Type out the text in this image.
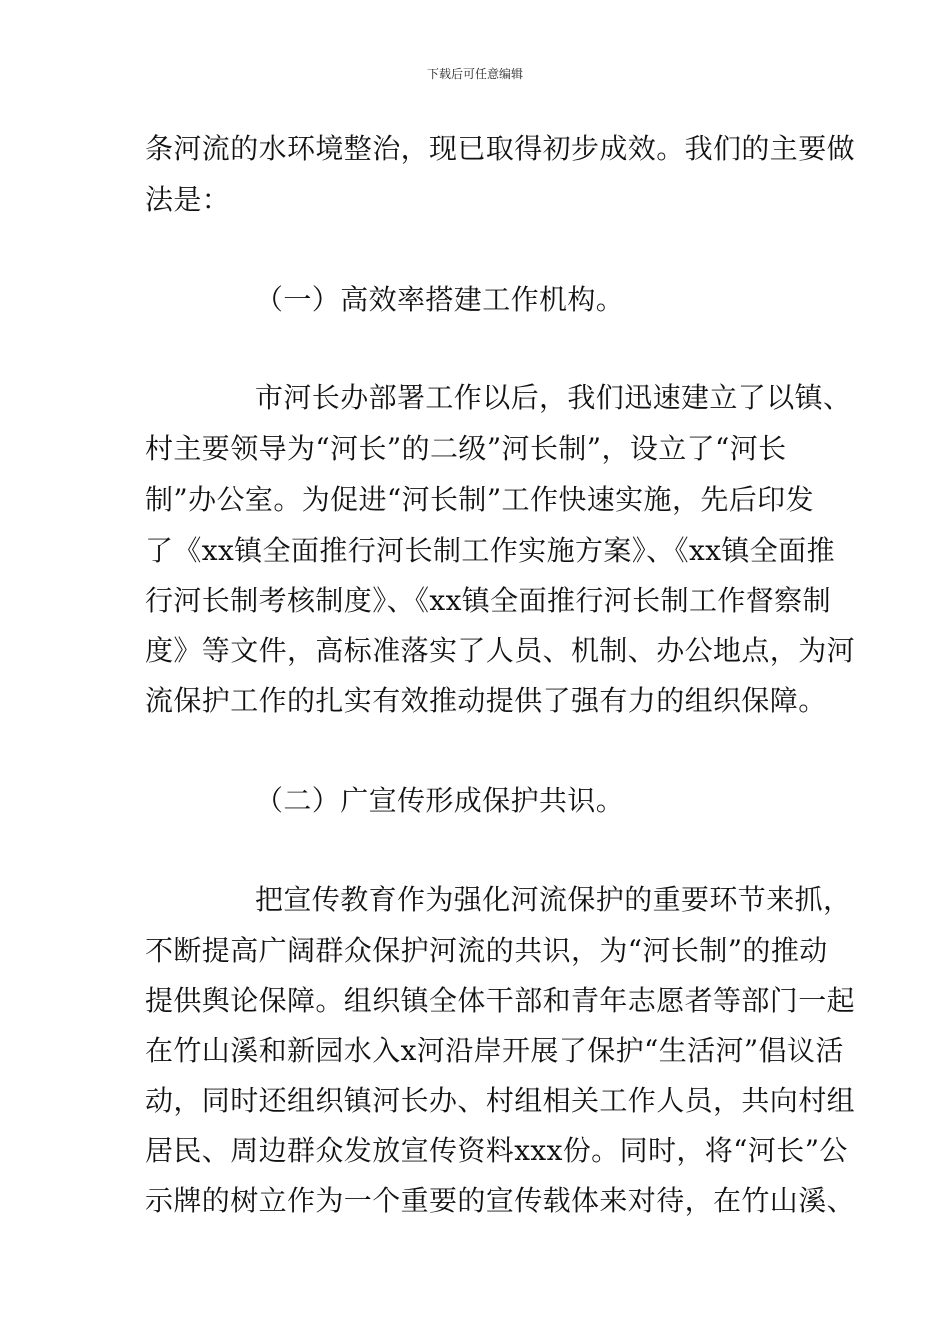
下载后可任意编辑
条河流的水环境整治，现已取得初步成效。我们的主要做
法是：
（一）高效率搭建工作机构。
市河长办部署工作以后，我们迅速建立了以镇、
村主要领导为“河长”的二级”河长制”，设立了“河长
制”办公室。为促进“河长制”工作快速实施，先后印发
了《xx镇全面推行河长制工作实施方案》、《xx镇全面推
行河长制考核制度》、《xx镇全面推行河长制工作督察制
度》等文件，高标准落实了人员、机制、办公地点，为河
流保护工作的扎实有效推动提供了强有力的组织保障。
（二）广宣传形成保护共识。
把宣传教育作为强化河流保护的重要环节来抓，
不断提高广阔群众保护河流的共识，为“河长制”的推动
提供舆论保障。组织镇全体干部和青年志愿者等部门一起
在竹山溪和新园水入x河沿岸开展了保护“生活河”倡议活
动，同时还组织镇河长办、村组相关工作人员，共向村组
居民、周边群众发放宣传资料xxx份。同时，将“河长”公
示牌的树立作为一个重要的宣传载体来对待，在竹山溪、
